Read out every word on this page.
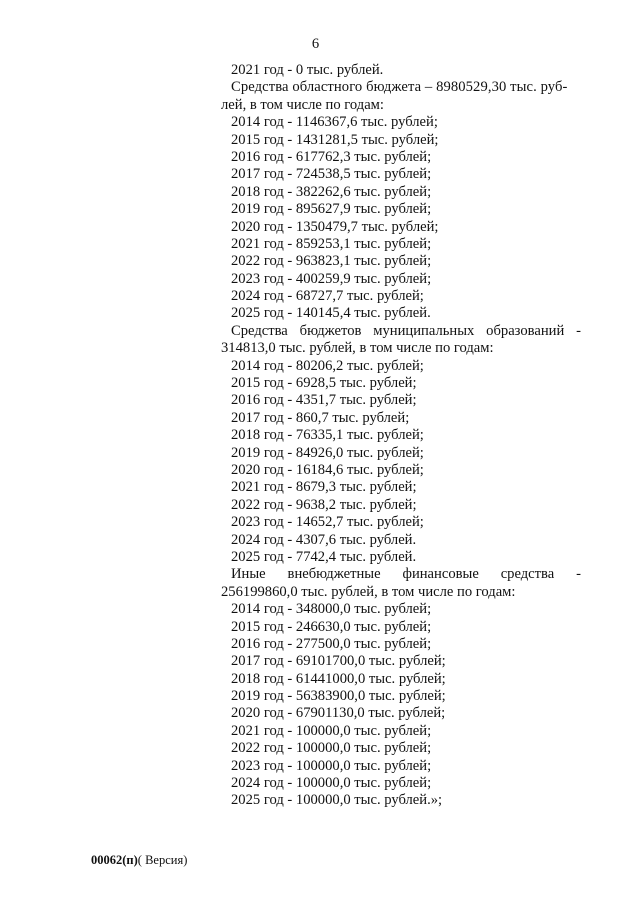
6
2021 год - 0 тыс. рублей.
Средства областного бюджета – 8980529,30 тыс. руб-
лей, в том числе по годам:
2014 год - 1146367,6 тыс. рублей;
2015 год - 1431281,5 тыс. рублей;
2016 год - 617762,3 тыс. рублей;
2017 год - 724538,5 тыс. рублей;
2018 год - 382262,6 тыс. рублей;
2019 год - 895627,9 тыс. рублей;
2020 год - 1350479,7 тыс. рублей;
2021 год - 859253,1 тыс. рублей;
2022 год - 963823,1 тыс. рублей;
2023 год - 400259,9 тыс. рублей;
2024 год - 68727,7 тыс. рублей;
2025 год - 140145,4 тыс. рублей.
Средства бюджетов муниципальных образований -
314813,0 тыс. рублей, в том числе по годам:
2014 год - 80206,2 тыс. рублей;
2015 год - 6928,5 тыс. рублей;
2016 год - 4351,7 тыс. рублей;
2017 год - 860,7 тыс. рублей;
2018 год - 76335,1 тыс. рублей;
2019 год - 84926,0 тыс. рублей;
2020 год - 16184,6 тыс. рублей;
2021 год - 8679,3 тыс. рублей;
2022 год - 9638,2 тыс. рублей;
2023 год - 14652,7 тыс. рублей;
2024 год - 4307,6 тыс. рублей.
2025 год - 7742,4 тыс. рублей.
Иные внебюджетные финансовые средства -
256199860,0 тыс. рублей, в том числе по годам:
2014 год - 348000,0 тыс. рублей;
2015 год - 246630,0 тыс. рублей;
2016 год - 277500,0 тыс. рублей;
2017 год - 69101700,0 тыс. рублей;
2018 год - 61441000,0 тыс. рублей;
2019 год - 56383900,0 тыс. рублей;
2020 год - 67901130,0 тыс. рублей;
2021 год - 100000,0 тыс. рублей;
2022 год - 100000,0 тыс. рублей;
2023 год - 100000,0 тыс. рублей;
2024 год - 100000,0 тыс. рублей;
2025 год - 100000,0 тыс. рублей.»;
00062(п)( Версия)
